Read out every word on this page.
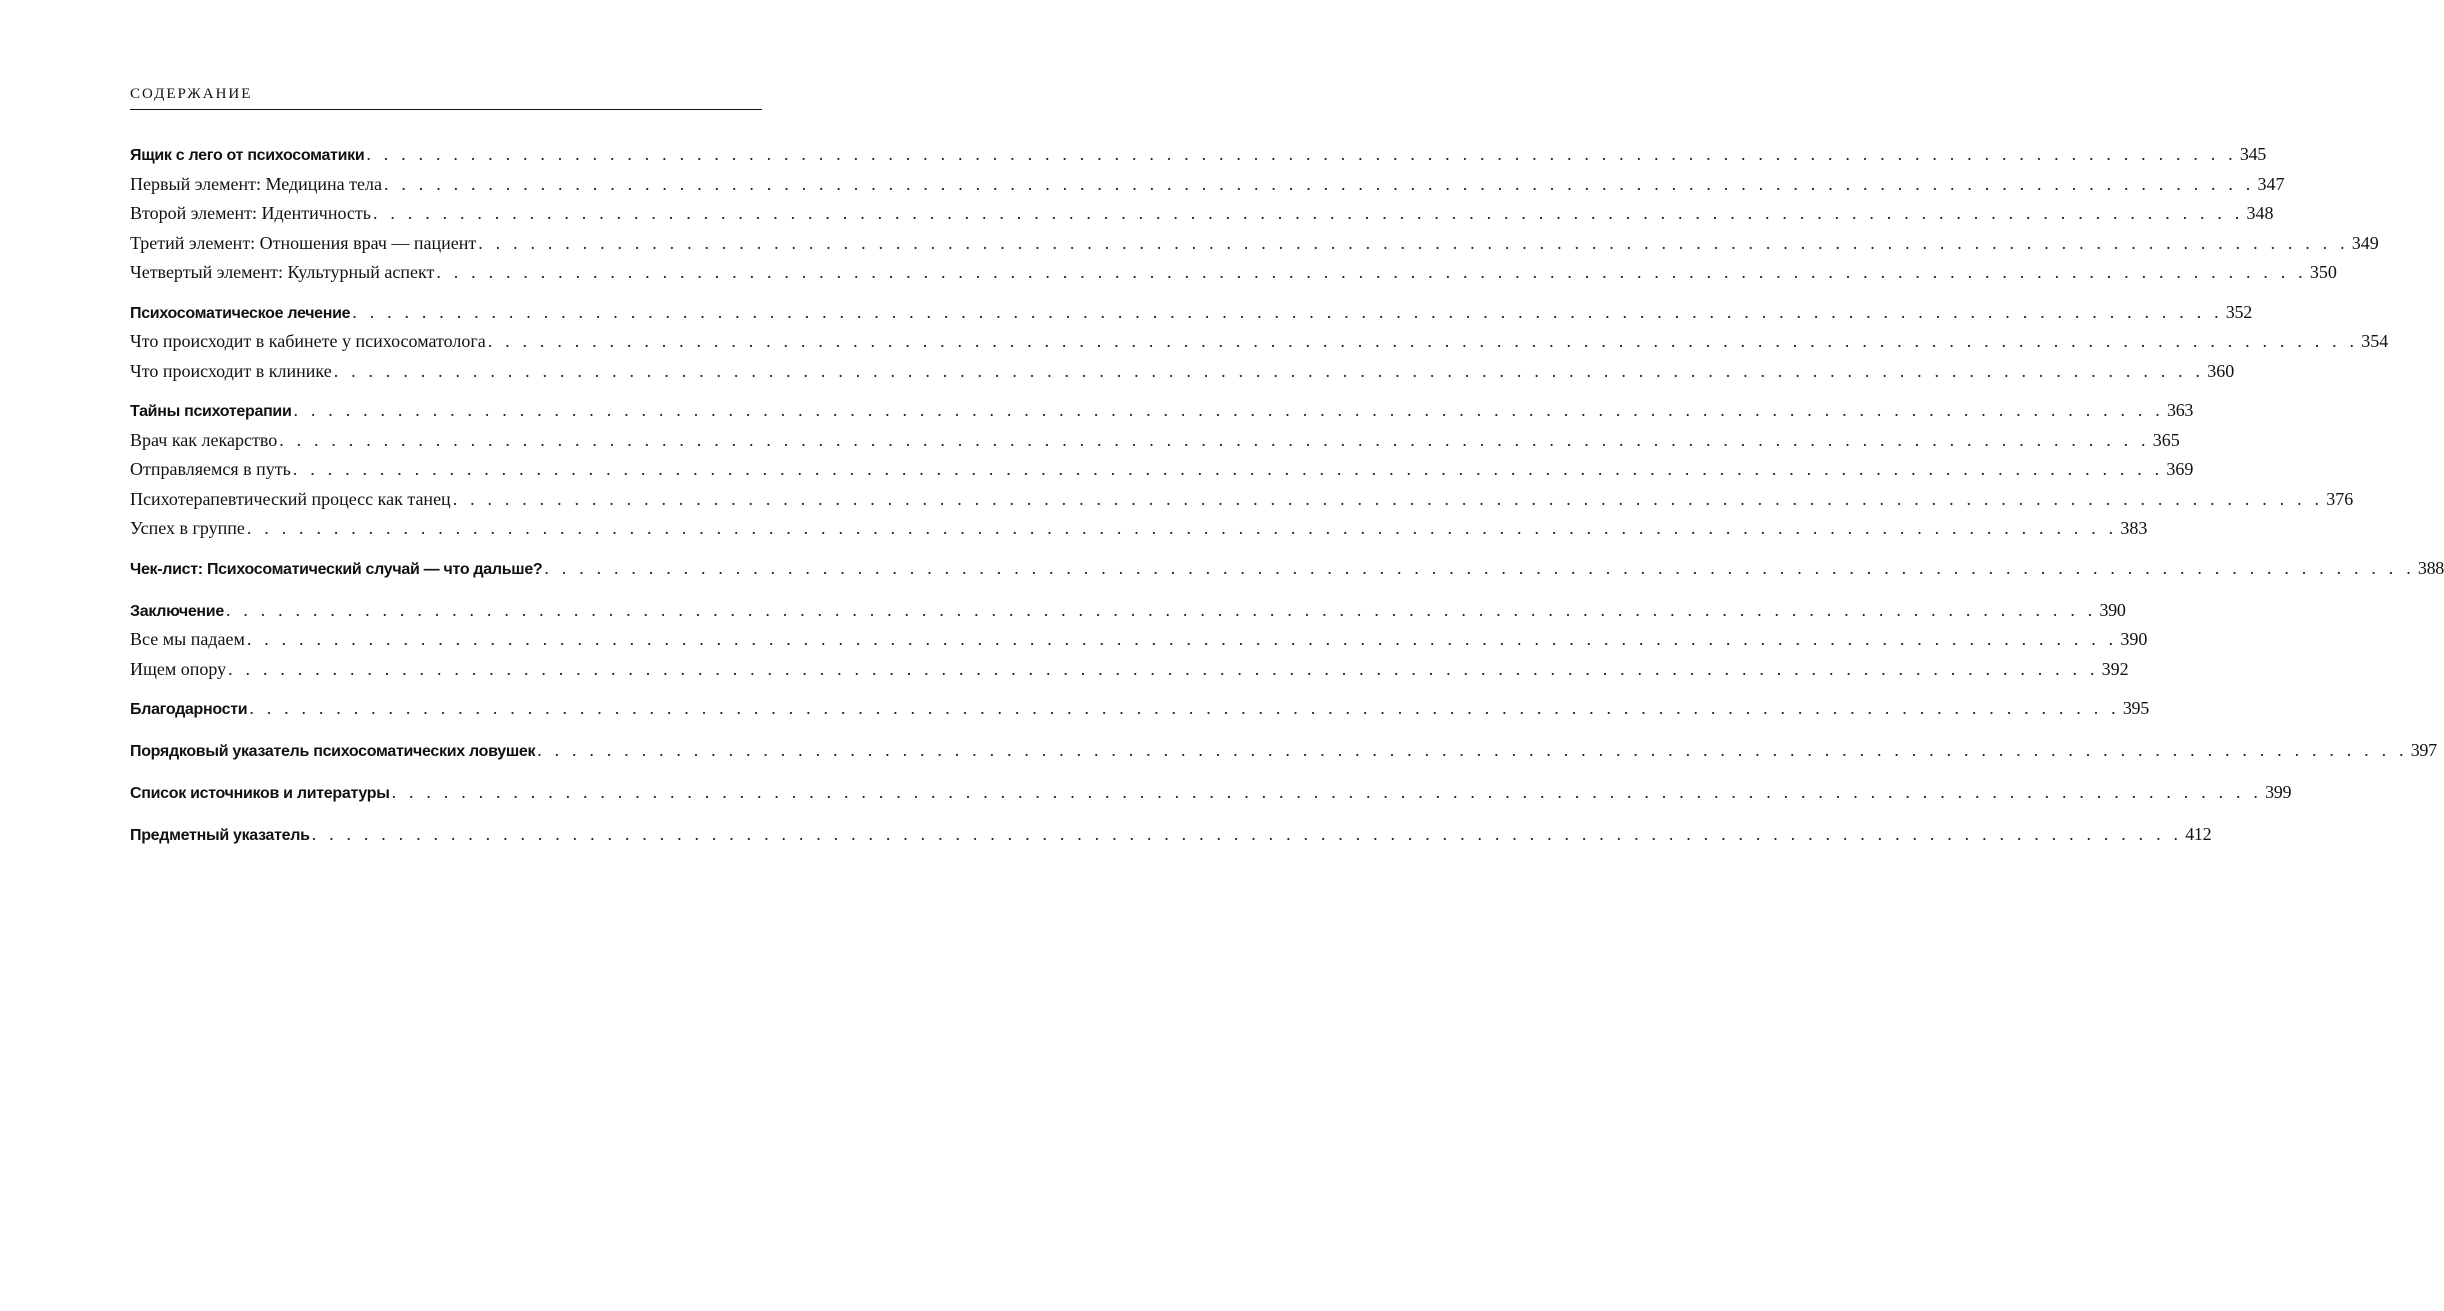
СОДЕРЖАНИЕ
Ящик с лего от психосоматики . . . . . . . . . . . . . . . . . . . . . . . . . . . . . . . . . . . . . . . . . . . . . . . . . . . . . . . . . . . . . . . . . . . . . . . . . . . . . . . . . . . . . . . . . . . . . . . . . . . . . . . . . . . . 345
Первый элемент: Медицина тела . . . . . . . . . . . . . . . . . . . . . . . . . . . . . . . . . . . . . . . . . . . . . . . . . . . . . . . . . . . . . . . . . . . . . . . . . . . . . . . . . . . . . . . . . . . . . . . . . . . . . . . . . . . . 347
Второй элемент: Идентичность . . . . . . . . . . . . . . . . . . . . . . . . . . . . . . . . . . . . . . . . . . . . . . . . . . . . . . . . . . . . . . . . . . . . . . . . . . . . . . . . . . . . . . . . . . . . . . . . . . . . . . . . . . . . 348
Третий элемент: Отношения врач — пациент . . . . . . . . . . . . . . . . . . . . . . . . . . . . . . . . . . . . . . . . . . . . . . . . . . . . . . . . . . . . . . . . . . . . . . . . . . . . . . . . . . . . . . . . . . . . . . . . . . . . . . . . . . . . 349
Четвертый элемент: Культурный аспект . . . . . . . . . . . . . . . . . . . . . . . . . . . . . . . . . . . . . . . . . . . . . . . . . . . . . . . . . . . . . . . . . . . . . . . . . . . . . . . . . . . . . . . . . . . . . . . . . . . . . . . . . . . . 350
Психосоматическое лечение . . . . . . . . . . . . . . . . . . . . . . . . . . . . . . . . . . . . . . . . . . . . . . . . . . . . . . . . . . . . . . . . . . . . . . . . . . . . . . . . . . . . . . . . . . . . . . . . . . . . . . . . . . . . 352
Что происходит в кабинете у психосоматолога . . . . . . . . . . . . . . . . . . . . . . . . . . . . . . . . . . . . . . . . . . . . . . . . . . . . . . . . . . . . . . . . . . . . . . . . . . . . . . . . . . . . . . . . . . . . . . . . . . . . . . . . . . . . 354
Что происходит в клинике . . . . . . . . . . . . . . . . . . . . . . . . . . . . . . . . . . . . . . . . . . . . . . . . . . . . . . . . . . . . . . . . . . . . . . . . . . . . . . . . . . . . . . . . . . . . . . . . . . . . . . . . . . . . 360
Тайны психотерапии . . . . . . . . . . . . . . . . . . . . . . . . . . . . . . . . . . . . . . . . . . . . . . . . . . . . . . . . . . . . . . . . . . . . . . . . . . . . . . . . . . . . . . . . . . . . . . . . . . . . . . . . . . . . 363
Врач как лекарство . . . . . . . . . . . . . . . . . . . . . . . . . . . . . . . . . . . . . . . . . . . . . . . . . . . . . . . . . . . . . . . . . . . . . . . . . . . . . . . . . . . . . . . . . . . . . . . . . . . . . . . . . . . . 365
Отправляемся в путь . . . . . . . . . . . . . . . . . . . . . . . . . . . . . . . . . . . . . . . . . . . . . . . . . . . . . . . . . . . . . . . . . . . . . . . . . . . . . . . . . . . . . . . . . . . . . . . . . . . . . . . . . . . . 369
Психотерапевтический процесс как танец . . . . . . . . . . . . . . . . . . . . . . . . . . . . . . . . . . . . . . . . . . . . . . . . . . . . . . . . . . . . . . . . . . . . . . . . . . . . . . . . . . . . . . . . . . . . . . . . . . . . . . . . . . . . 376
Успех в группе . . . . . . . . . . . . . . . . . . . . . . . . . . . . . . . . . . . . . . . . . . . . . . . . . . . . . . . . . . . . . . . . . . . . . . . . . . . . . . . . . . . . . . . . . . . . . . . . . . . . . . . . . . . . 383
Чек-лист: Психосоматический случай — что дальше? . . . . . . . . . . . . . . . . . . . . . . . . . . . . . . . . . . . . . . . . . . . . . . . . . . . . . . . . . . . . . . . . . . . . . . . . . . . . . . . . . . . . . . . . . . . . . . . . . . . . . . . . . . . . 388
Заключение . . . . . . . . . . . . . . . . . . . . . . . . . . . . . . . . . . . . . . . . . . . . . . . . . . . . . . . . . . . . . . . . . . . . . . . . . . . . . . . . . . . . . . . . . . . . . . . . . . . . . . . . . . . . 390
Все мы падаем . . . . . . . . . . . . . . . . . . . . . . . . . . . . . . . . . . . . . . . . . . . . . . . . . . . . . . . . . . . . . . . . . . . . . . . . . . . . . . . . . . . . . . . . . . . . . . . . . . . . . . . . . . . . 390
Ищем опору . . . . . . . . . . . . . . . . . . . . . . . . . . . . . . . . . . . . . . . . . . . . . . . . . . . . . . . . . . . . . . . . . . . . . . . . . . . . . . . . . . . . . . . . . . . . . . . . . . . . . . . . . . . . 392
Благодарности . . . . . . . . . . . . . . . . . . . . . . . . . . . . . . . . . . . . . . . . . . . . . . . . . . . . . . . . . . . . . . . . . . . . . . . . . . . . . . . . . . . . . . . . . . . . . . . . . . . . . . . . . . . . 395
Порядковый указатель психосоматических ловушек . . . . . . . . . . . . . . . . . . . . . . . . . . . . . . . . . . . . . . . . . . . . . . . . . . . . . . . . . . . . . . . . . . . . . . . . . . . . . . . . . . . . . . . . . . . . . . . . . . . . . . . . . . . . 397
Список источников и литературы . . . . . . . . . . . . . . . . . . . . . . . . . . . . . . . . . . . . . . . . . . . . . . . . . . . . . . . . . . . . . . . . . . . . . . . . . . . . . . . . . . . . . . . . . . . . . . . . . . . . . . . . . . . . 399
Предметный указатель . . . . . . . . . . . . . . . . . . . . . . . . . . . . . . . . . . . . . . . . . . . . . . . . . . . . . . . . . . . . . . . . . . . . . . . . . . . . . . . . . . . . . . . . . . . . . . . . . . . . . . . . . . . . 412
